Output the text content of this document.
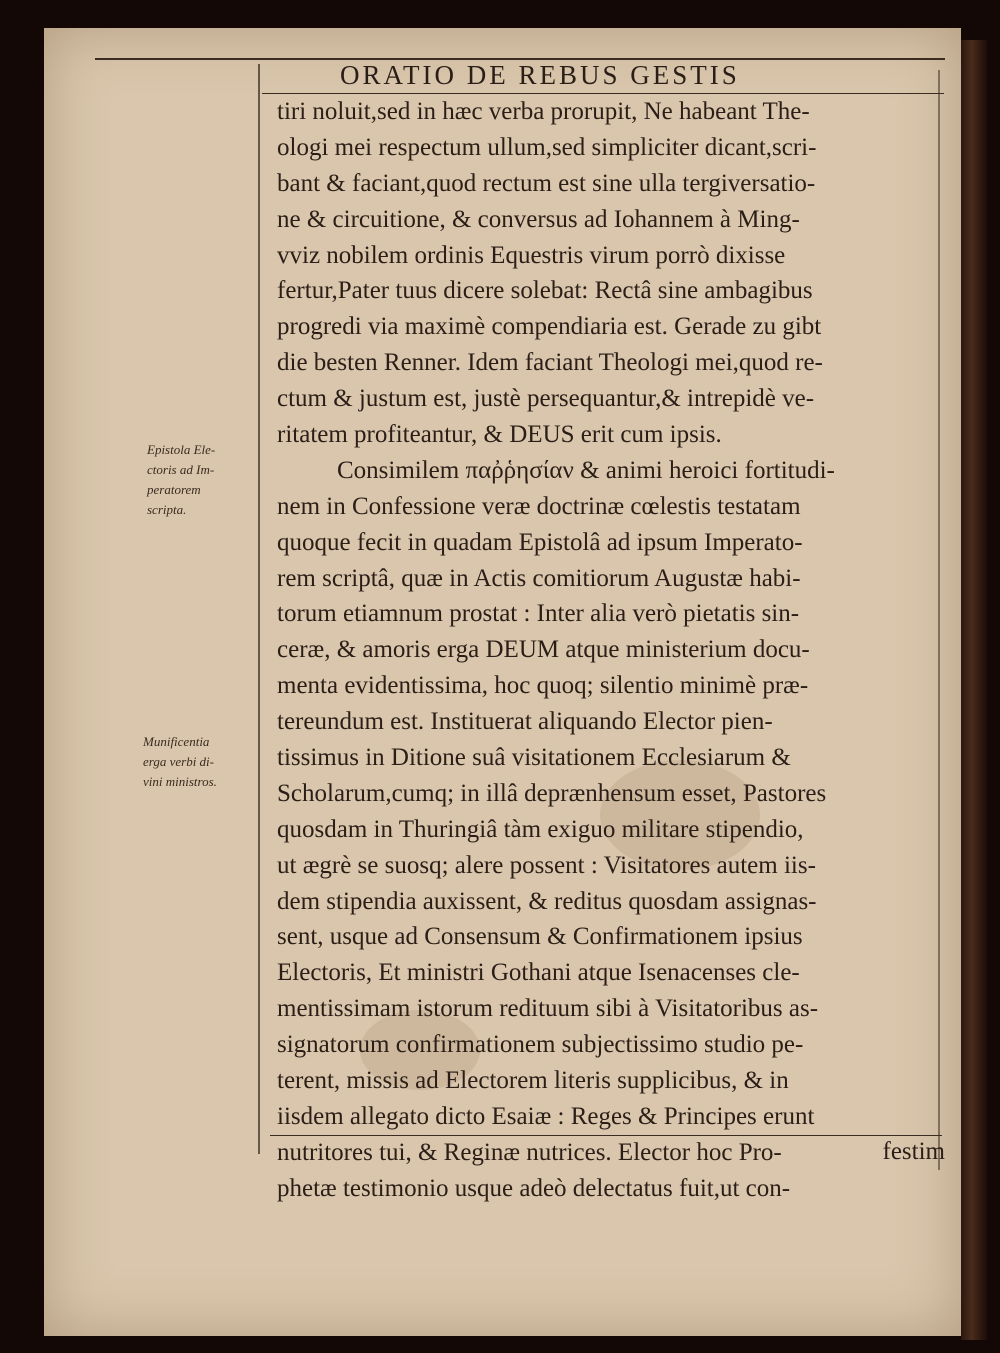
ORATIO DE REBUS GESTIS
Epistola Ele-
ctoris ad Im-
peratorem
scripta.
Munificentia
erga verbi di-
vini ministros.
tiri noluit,sed in hæc verba prorupit, Ne habeant The-
ologi mei respectum ullum,sed simpliciter dicant,scri-
bant & faciant,quod rectum est sine ulla tergiversatio-
ne & circuitione, & conversus ad Iohannem à Ming-
vviz nobilem ordinis Equestris virum porrò dixisse
fertur,Pater tuus dicere solebat: Rectâ sine ambagibus
progredi via maximè compendiaria est. Gerade zu gibt
die besten Renner. Idem faciant Theologi mei,quod re-
ctum & justum est, justè persequantur,& intrepidè ve-
ritatem profiteantur, & DEUS erit cum ipsis.
Consimilem παῤῥησίαν & animi heroici fortitudi-
nem in Confessione veræ doctrinæ cœlestis testatam
quoque fecit in quadam Epistolâ ad ipsum Imperato-
rem scriptâ, quæ in Actis comitiorum Augustæ habi-
torum etiamnum prostat : Inter alia verò pietatis sin-
ceræ, & amoris erga DEUM atque ministerium docu-
menta evidentissima, hoc quoq; silentio minimè præ-
tereundum est. Instituerat aliquando Elector pien-
tissimus in Ditione suâ visitationem Ecclesiarum &
Scholarum,cumq; in illâ deprænhensum esset, Pastores
quosdam in Thuringiâ tàm exiguo militare stipendio,
ut ægrè se suosq; alere possent : Visitatores autem iis-
dem stipendia auxissent, & reditus quosdam assignas-
sent, usque ad Consensum & Confirmationem ipsius
Electoris, Et ministri Gothani atque Isenacenses cle-
mentissimam istorum redituum sibi à Visitatoribus as-
signatorum confirmationem subjectissimo studio pe-
terent, missis ad Electorem literis supplicibus, & in
iisdem allegato dicto Esaiæ : Reges & Principes erunt
nutritores tui, & Reginæ nutrices. Elector hoc Pro-
phetæ testimonio usque adeò delectatus fuit,ut con-
festim
